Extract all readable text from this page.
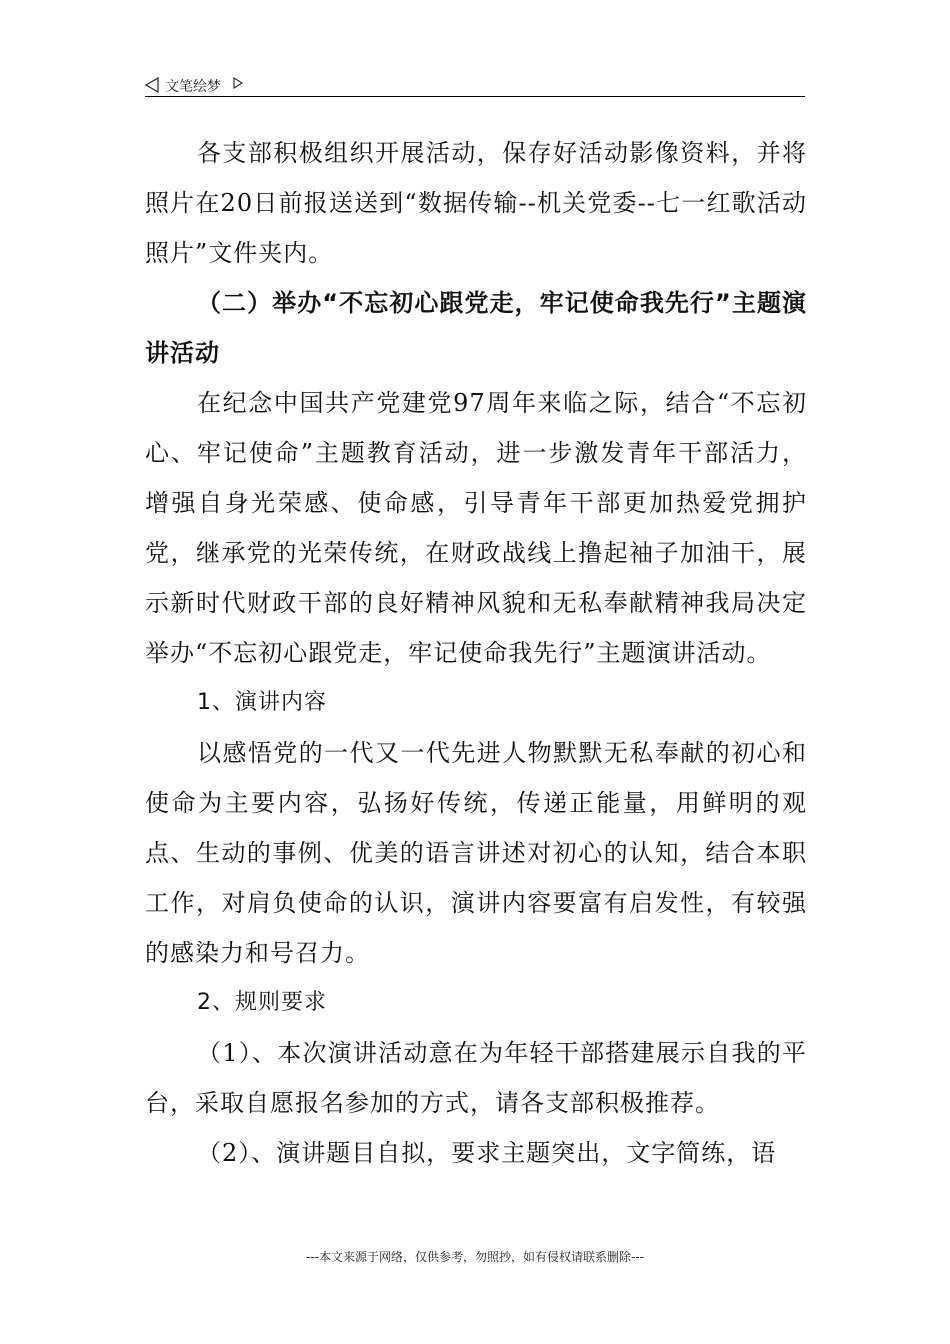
文笔绘梦

各支部积极组织开展活动，保存好活动影像资料，并将照片在20日前报送送到“数据传输--机关党委--七一红歌活动照片”文件夹内。

（二）举办“不忘初心跟党走，牢记使命我先行”主题演讲活动

在纪念中国共产党建党97周年来临之际，结合“不忘初心、牢记使命”主题教育活动，进一步激发青年干部活力，增强自身光荣感、使命感，引导青年干部更加热爱党拥护党，继承党的光荣传统，在财政战线上撸起袖子加油干，展示新时代财政干部的良好精神风貌和无私奉献精神我局决定举办“不忘初心跟党走，牢记使命我先行”主题演讲活动。

1、演讲内容

以感悟党的一代又一代先进人物默默无私奉献的初心和使命为主要内容，弘扬好传统，传递正能量，用鲜明的观点、生动的事例、优美的语言讲述对初心的认知，结合本职工作，对肩负使命的认识，演讲内容要富有启发性，有较强的感染力和号召力。

2、规则要求

（1）、本次演讲活动意在为年轻干部搭建展示自我的平台，采取自愿报名参加的方式，请各支部积极推荐。

（2）、演讲题目自拟，要求主题突出，文字简练，语

---本文来源于网络，仅供参考，勿照抄，如有侵权请联系删除---
